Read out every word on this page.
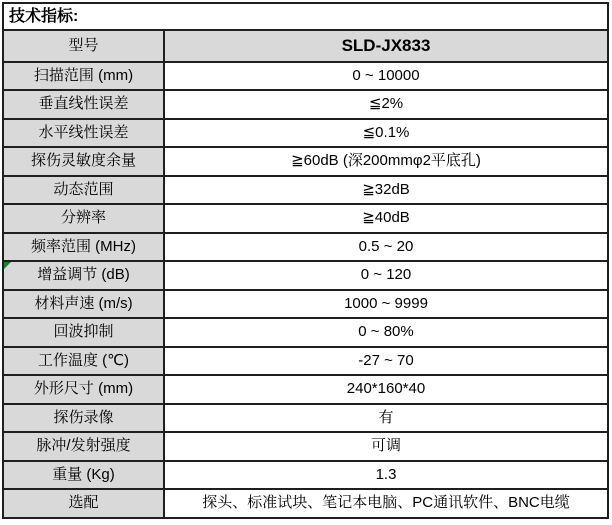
技术指标:	
型号	SLD-JX833
扫描范围 (mm)	0 ~ 10000
垂直线性误差	≦2%
水平线性误差	≦0.1%
探伤灵敏度余量	≧60dB (深200mmφ2平底孔)
动态范围	≧32dB
分辨率	≧40dB
频率范围 (MHz)	0.5 ~ 20

增益调节 (dB)	0 ~ 120
材料声速 (m/s)	1000 ~ 9999
回波抑制	0 ~ 80%
工作温度 (℃)	-27 ~ 70
外形尺寸 (mm)	240*160*40
探伤录像	有
脉冲/发射强度	可调
重量 (Kg)	1.3
选配	探头、标准试块、笔记本电脑、PC通讯软件、BNC电缆
